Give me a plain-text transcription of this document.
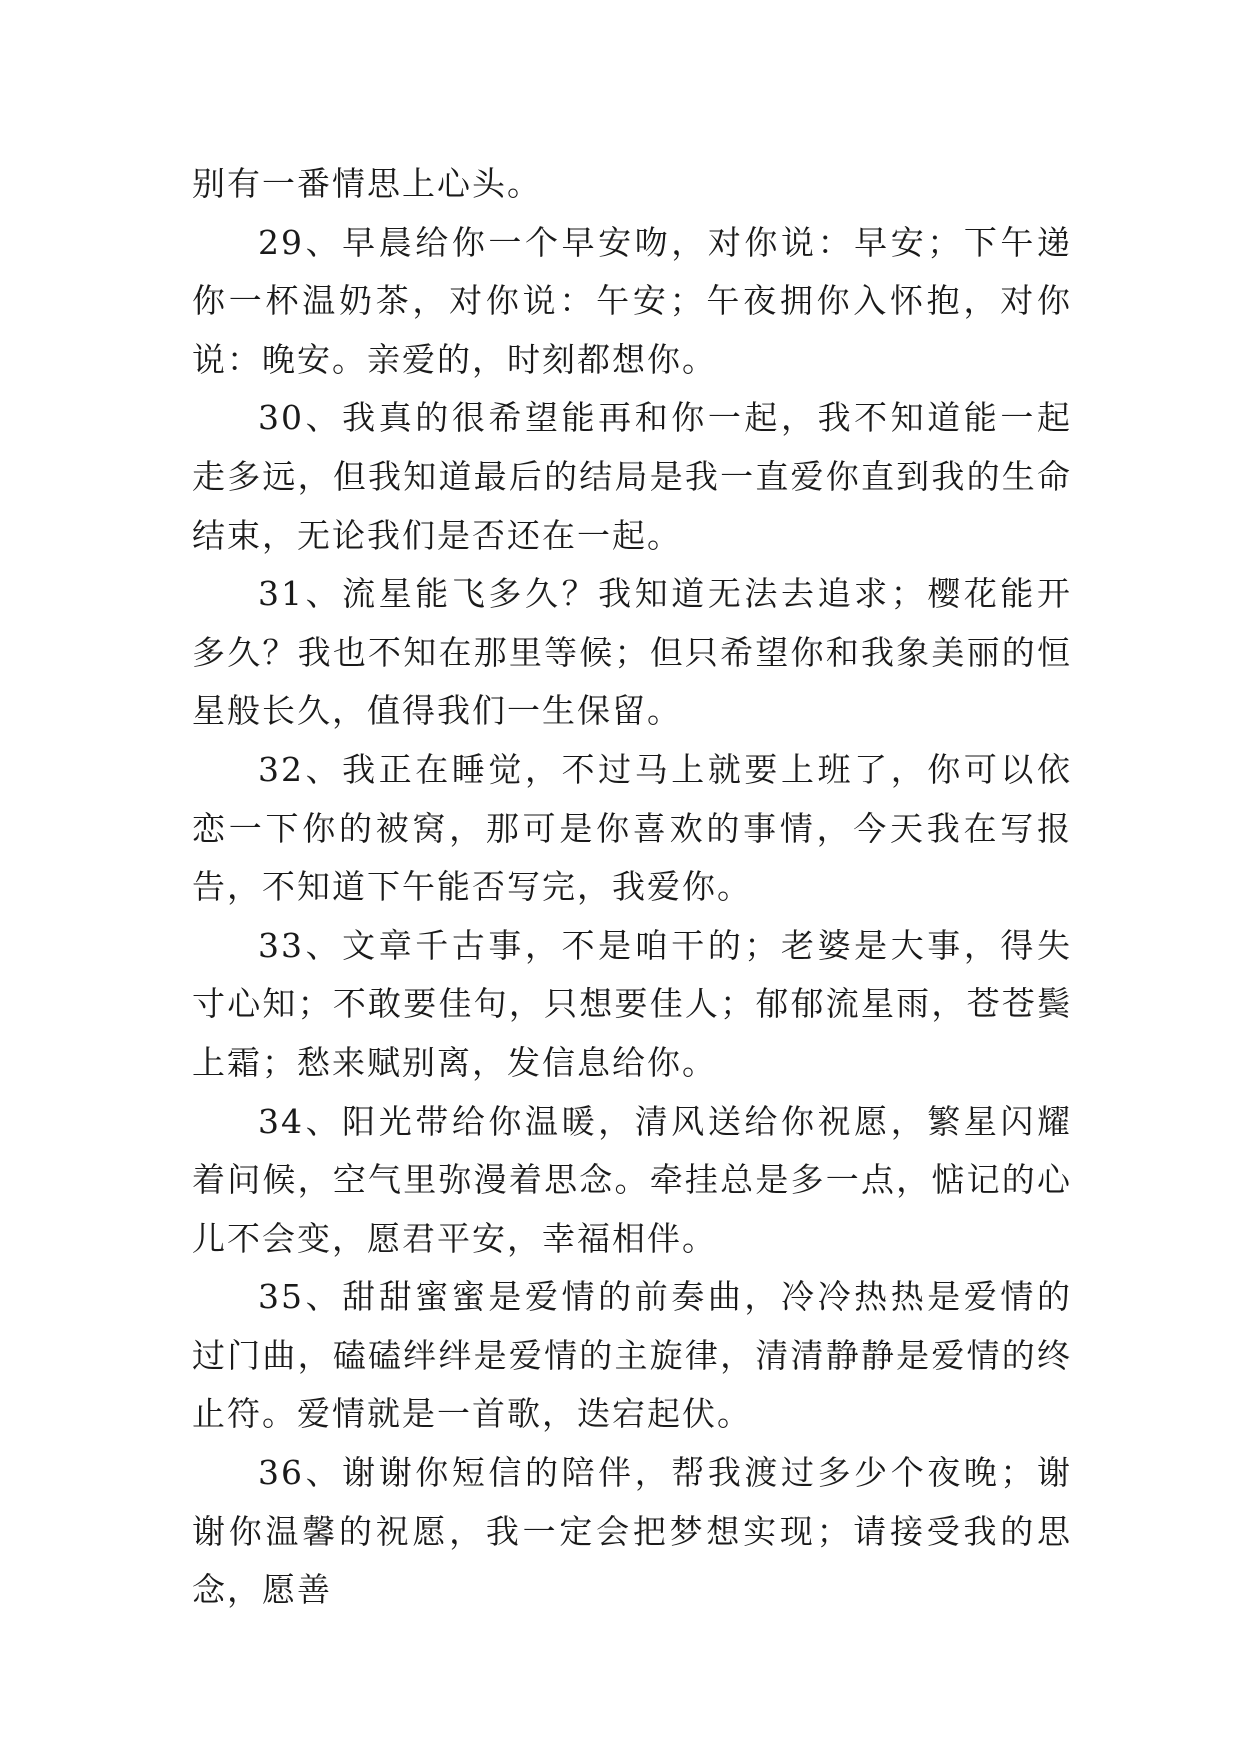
别有一番情思上心头。

29、早晨给你一个早安吻，对你说：早安；下午递你一杯温奶茶，对你说：午安；午夜拥你入怀抱，对你说：晚安。亲爱的，时刻都想你。

30、我真的很希望能再和你一起，我不知道能一起走多远，但我知道最后的结局是我一直爱你直到我的生命结束，无论我们是否还在一起。

31、流星能飞多久？我知道无法去追求；樱花能开多久？我也不知在那里等候；但只希望你和我象美丽的恒星般长久，值得我们一生保留。

32、我正在睡觉，不过马上就要上班了，你可以依恋一下你的被窝，那可是你喜欢的事情，今天我在写报告，不知道下午能否写完，我爱你。

33、文章千古事，不是咱干的；老婆是大事，得失寸心知；不敢要佳句，只想要佳人；郁郁流星雨，苍苍鬓上霜；愁来赋别离，发信息给你。

34、阳光带给你温暖，清风送给你祝愿，繁星闪耀着问候，空气里弥漫着思念。牵挂总是多一点，惦记的心儿不会变，愿君平安，幸福相伴。

35、甜甜蜜蜜是爱情的前奏曲，冷冷热热是爱情的过门曲，磕磕绊绊是爱情的主旋律，清清静静是爱情的终止符。爱情就是一首歌，迭宕起伏。

36、谢谢你短信的陪伴，帮我渡过多少个夜晚；谢谢你温馨的祝愿，我一定会把梦想实现；请接受我的思念，愿善
